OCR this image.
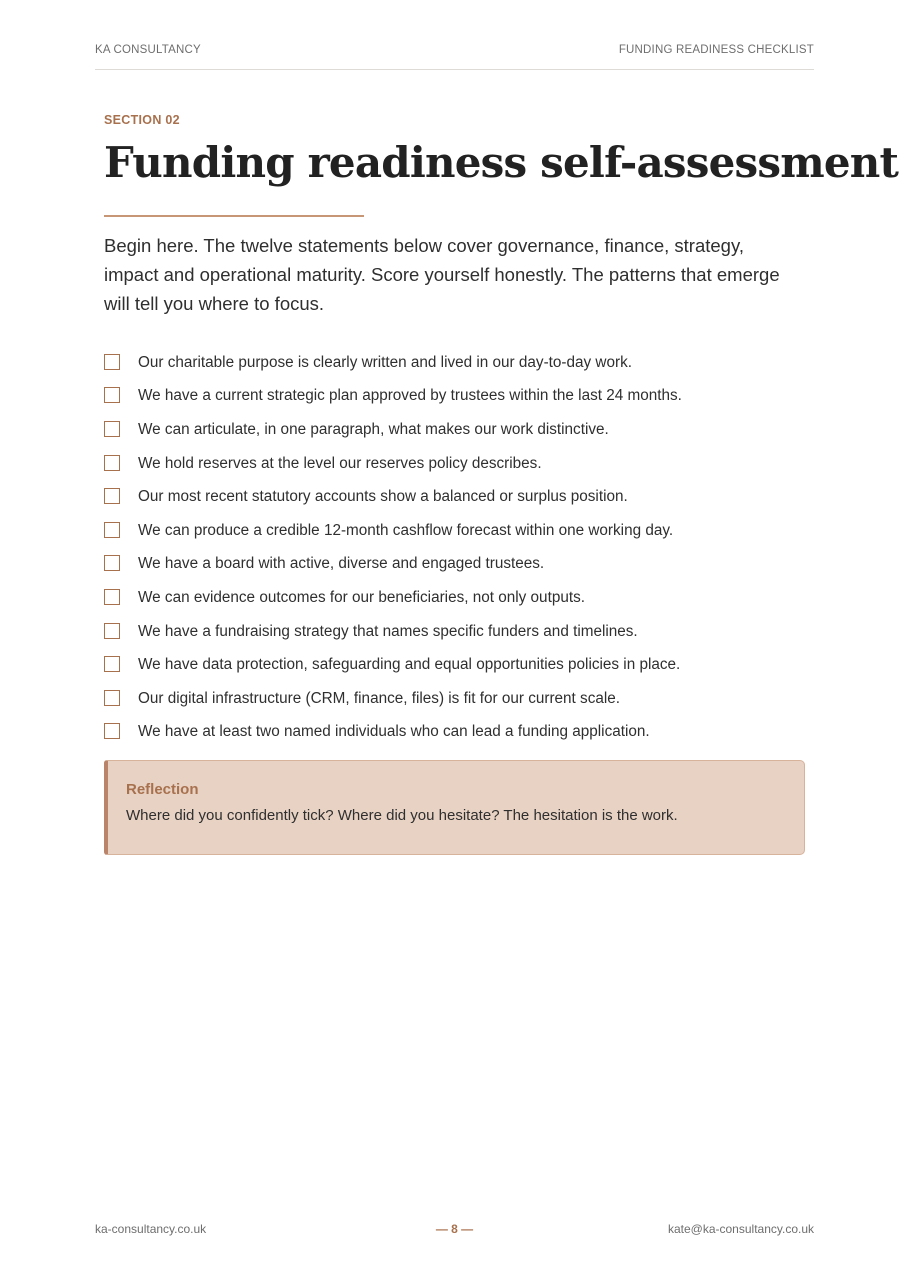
KA CONSULTANCY	FUNDING READINESS CHECKLIST
SECTION 02
Funding readiness self-assessment

Begin here. The twelve statements below cover governance, finance, strategy, impact and operational maturity. Score yourself honestly. The patterns that emerge will tell you where to focus.

Our charitable purpose is clearly written and lived in our day-to-day work.
We have a current strategic plan approved by trustees within the last 24 months.
We can articulate, in one paragraph, what makes our work distinctive.
We hold reserves at the level our reserves policy describes.
Our most recent statutory accounts show a balanced or surplus position.
We can produce a credible 12-month cashflow forecast within one working day.
We have a board with active, diverse and engaged trustees.
We can evidence outcomes for our beneficiaries, not only outputs.
We have a fundraising strategy that names specific funders and timelines.
We have data protection, safeguarding and equal opportunities policies in place.
Our digital infrastructure (CRM, finance, files) is fit for our current scale.
We have at least two named individuals who can lead a funding application.
Reflection
Where did you confidently tick? Where did you hesitate? The hesitation is the work.
ka-consultancy.co.uk	— 8 —	kate@ka-consultancy.co.uk
